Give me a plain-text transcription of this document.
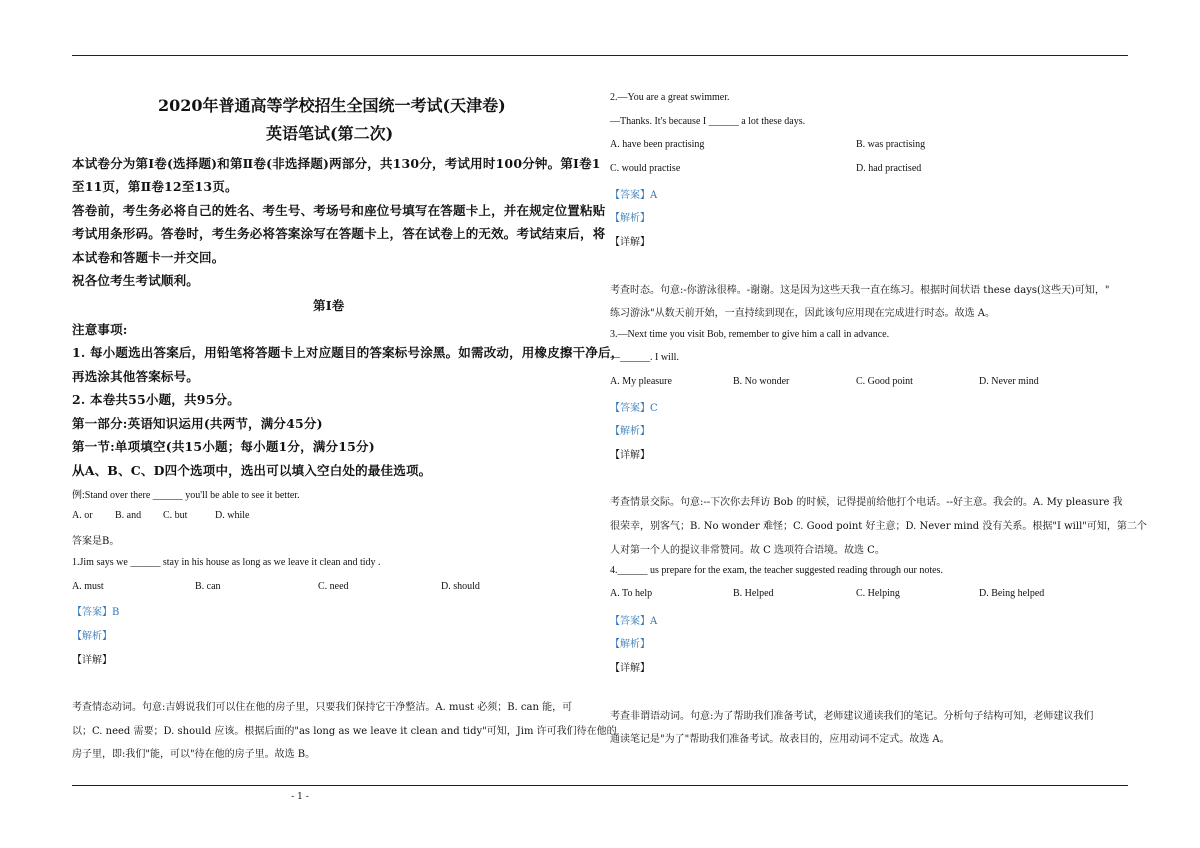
2020年普通高等学校招生全国统一考试(天津卷)
英语笔试(第二次)
本试卷分为第Ⅰ卷(选择题)和第Ⅱ卷(非选择题)两部分，共130分，考试用时100分钟。第Ⅰ卷1
至11页，第Ⅱ卷12至13页。
答卷前，考生务必将自己的姓名、考生号、考场号和座位号填写在答题卡上，并在规定位置粘贴
考试用条形码。答卷时，考生务必将答案涂写在答题卡上，答在试卷上的无效。考试结束后，将
本试卷和答题卡一并交回。
祝各位考生考试顺利。
第Ⅰ卷
注意事项:
1. 每小题选出答案后，用铅笔将答题卡上对应题目的答案标号涂黑。如需改动，用橡皮擦干净后，
再选涂其他答案标号。
2. 本卷共55小题，共95分。
第一部分:英语知识运用(共两节，满分45分)
第一节:单项填空(共15小题；每小题1分，满分15分)
从A、B、C、D四个选项中，选出可以填入空白处的最佳选项。
例:Stand over there ______ you'll be able to see it better.
A. or B. and C. but	D. while
答案是B。
1.Jim says we ______ stay in his house as long as we leave it clean and tidy .
A. must	B. can	C. need	D. should
【答案】B
【解析】
【详解】
考查情态动词。句意:吉姆说我们可以住在他的房子里，只要我们保持它干净整洁。A. must 必须；B. can 能，可
以；C. need 需要；D. should 应该。根据后面的"as long as we leave it clean and tidy"可知，Jim 许可我们待在他的
房子里，即:我们"能，可以"待在他的房子里。故选 B。
2.—You are a great swimmer.
—Thanks. It's because I ______ a lot these days.
A. have been practising	B. was practising
C. would practise	D. had practised
【答案】A
【解析】
【详解】
考查时态。句意:-你游泳很棒。-谢谢。这是因为这些天我一直在练习。根据时间状语 these days(这些天)可知，"
练习游泳"从数天前开始，一直持续到现在，因此该句应用现在完成进行时态。故选 A。
3.—Next time you visit Bob, remember to give him a call in advance.
—______. I will.
A. My pleasure	B. No wonder	C. Good point	D. Never mind
【答案】C
【解析】
【详解】
考查情景交际。句意:--下次你去拜访 Bob 的时候，记得提前给他打个电话。--好主意。我会的。A. My pleasure 我
很荣幸，别客气；B. No wonder 难怪；C. Good point 好主意；D. Never mind 没有关系。根据"I will"可知，第二个
人对第一个人的提议非常赞同。故 C 选项符合语境。故选 C。
4.______ us prepare for the exam, the teacher suggested reading through our notes.
A. To help	B. Helped	C. Helping	D. Being helped
【答案】A
【解析】
【详解】
考查非谓语动词。句意:为了帮助我们准备考试，老师建议通读我们的笔记。分析句子结构可知，老师建议我们
通读笔记是"为了"帮助我们准备考试。故表目的，应用动词不定式。故选 A。
- 1 -
